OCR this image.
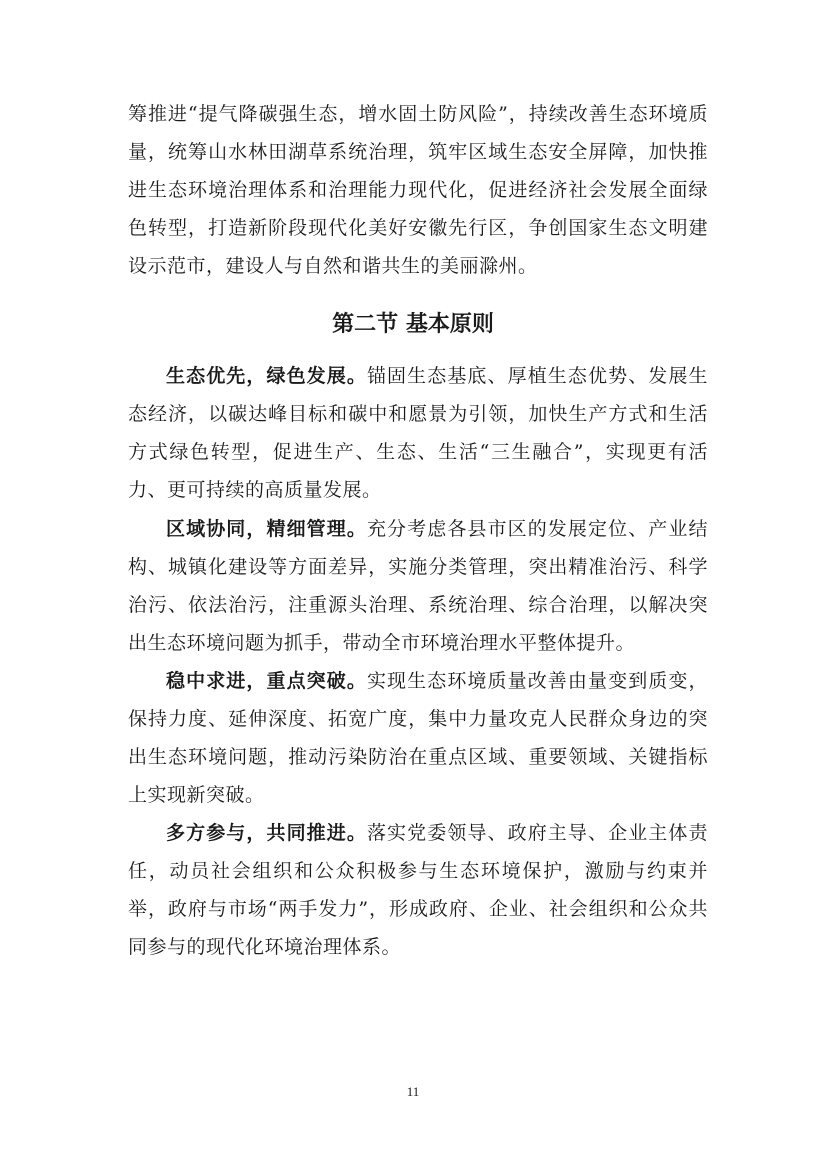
筹推进“提气降碳强生态，增水固土防风险”，持续改善生态环境质量，统筹山水林田湖草系统治理，筑牢区域生态安全屏障，加快推进生态环境治理体系和治理能力现代化，促进经济社会发展全面绿色转型，打造新阶段现代化美好安徽先行区，争创国家生态文明建设示范市，建设人与自然和谐共生的美丽滁州。

第二节 基本原则

生态优先，绿色发展。锚固生态基底、厚植生态优势、发展生态经济，以碳达峰目标和碳中和愿景为引领，加快生产方式和生活方式绿色转型，促进生产、生态、生活“三生融合”，实现更有活力、更可持续的高质量发展。

区域协同，精细管理。充分考虑各县市区的发展定位、产业结构、城镇化建设等方面差异，实施分类管理，突出精准治污、科学治污、依法治污，注重源头治理、系统治理、综合治理，以解决突出生态环境问题为抓手，带动全市环境治理水平整体提升。

稳中求进，重点突破。实现生态环境质量改善由量变到质变，保持力度、延伸深度、拓宽广度，集中力量攻克人民群众身边的突出生态环境问题，推动污染防治在重点区域、重要领域、关键指标上实现新突破。

多方参与，共同推进。落实党委领导、政府主导、企业主体责任，动员社会组织和公众积极参与生态环境保护，激励与约束并举，政府与市场“两手发力”，形成政府、企业、社会组织和公众共同参与的现代化环境治理体系。

11
